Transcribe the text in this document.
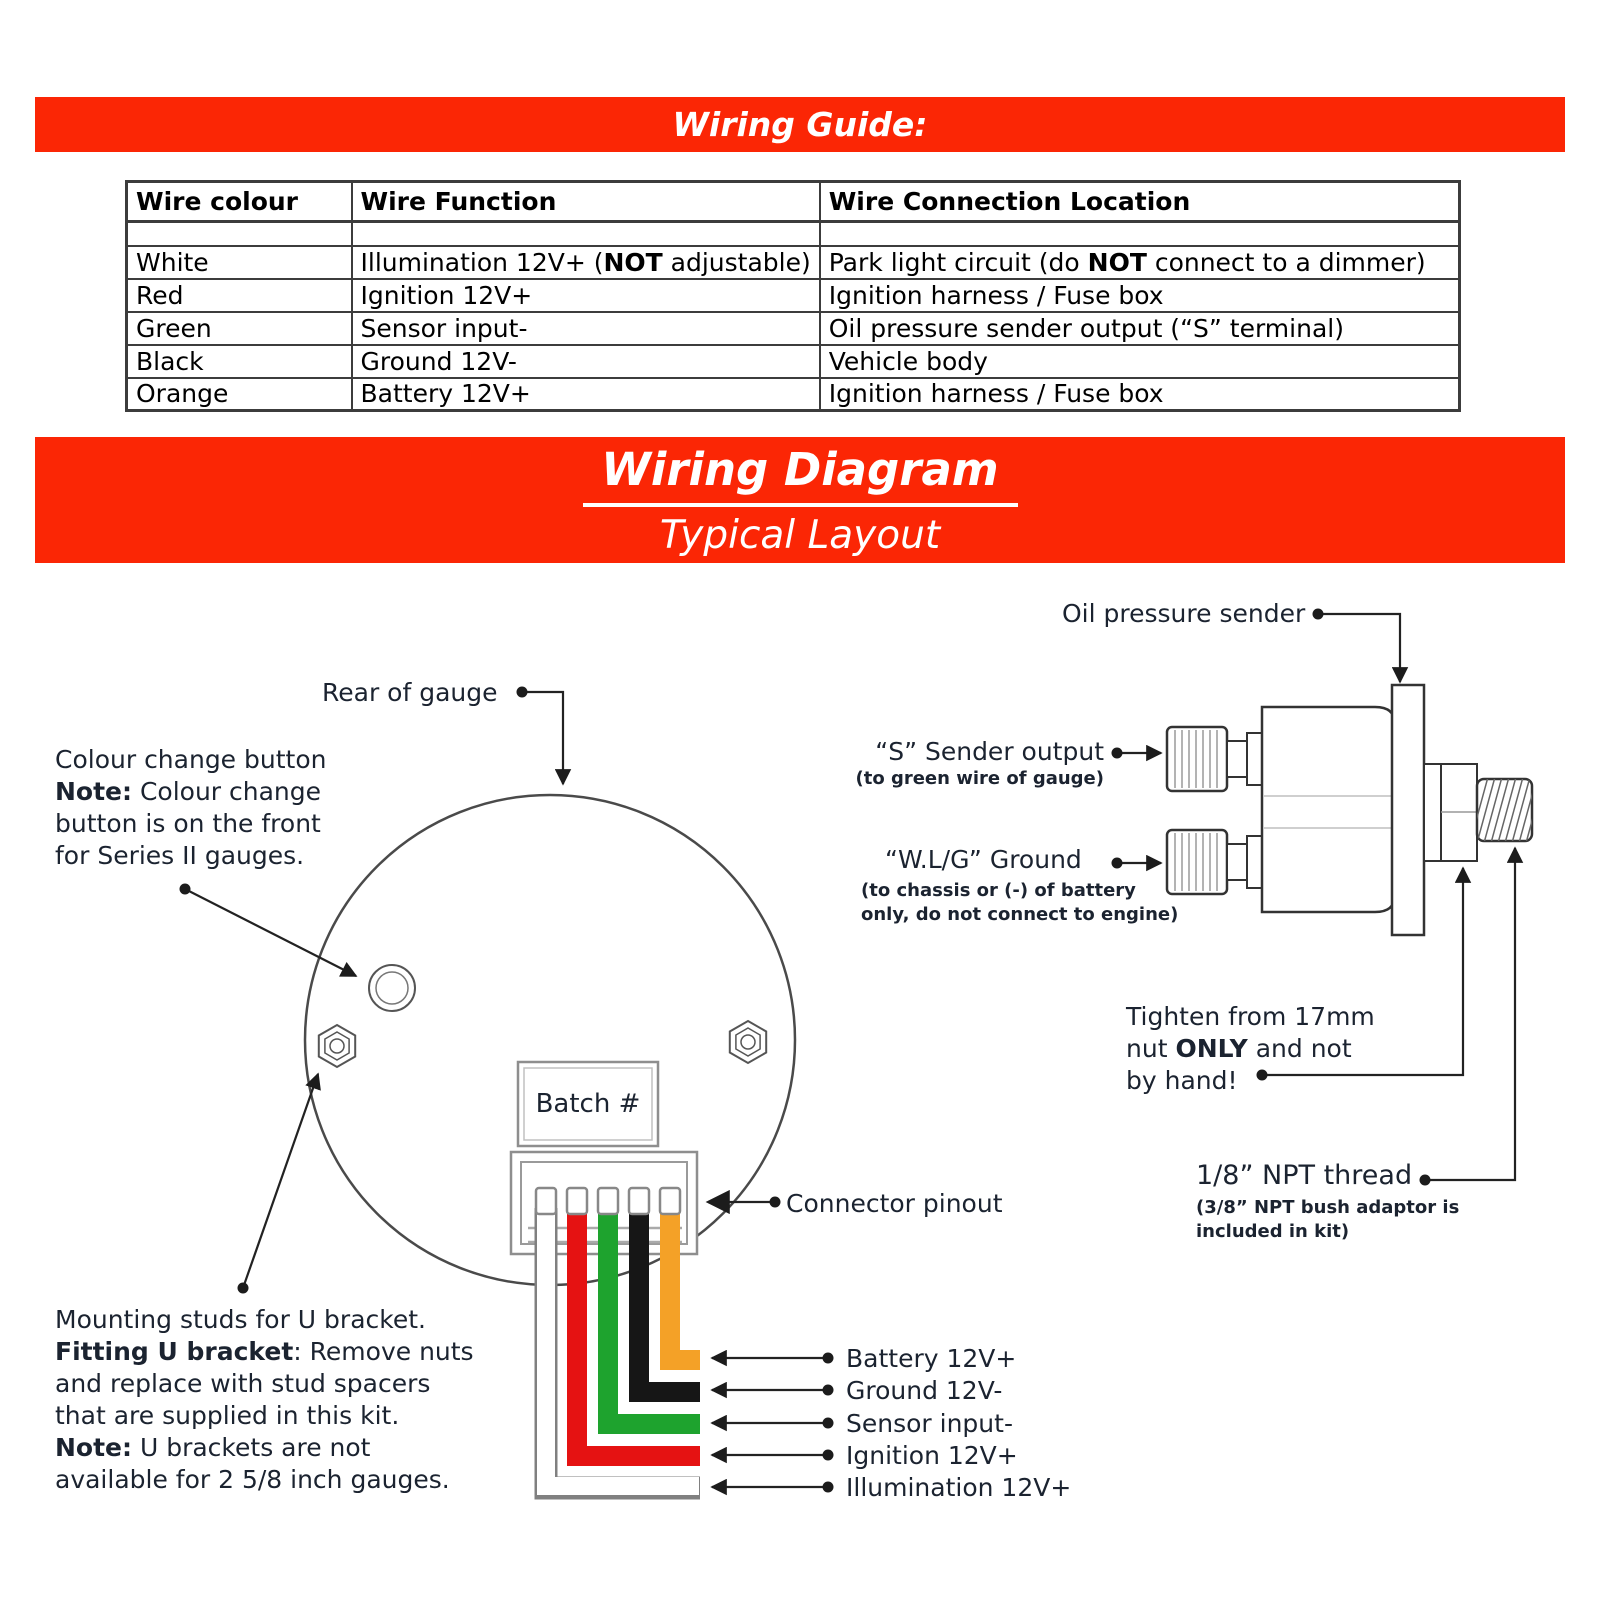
Wiring Guide:
Wiring Diagram
Typical Layout
Wire colour	Wire Function	Wire Connection Location

White	Illumination 12V+ (NOT adjustable)	Park light circuit (do NOT connect to a dimmer)
Red	Ignition 12V+	Ignition harness / Fuse box
Green	Sensor input-	Oil pressure sender output (“S” terminal)
Black	Ground 12V-	Vehicle body
Orange	Battery 12V+	Ignition harness / Fuse box
Oil pressure sender
Rear of gauge
Colour change button
Note: Colour change
button is on the front
for Series II gauges.
“S” Sender output
(to green wire of gauge)
“W.L/G” Ground
(to chassis or (-) of battery
only, do not connect to engine)
Tighten from 17mm
nut ONLY and not
by hand!
1/8” NPT thread
(3/8” NPT bush adaptor is
included in kit)
Batch #
Connector pinout
Mounting studs for U bracket.
Fitting U bracket: Remove nuts
and replace with stud spacers
that are supplied in this kit.
Note: U brackets are not
available for 2 5/8 inch gauges.
Battery 12V+
Ground 12V-
Sensor input-
Ignition 12V+
Illumination 12V+
